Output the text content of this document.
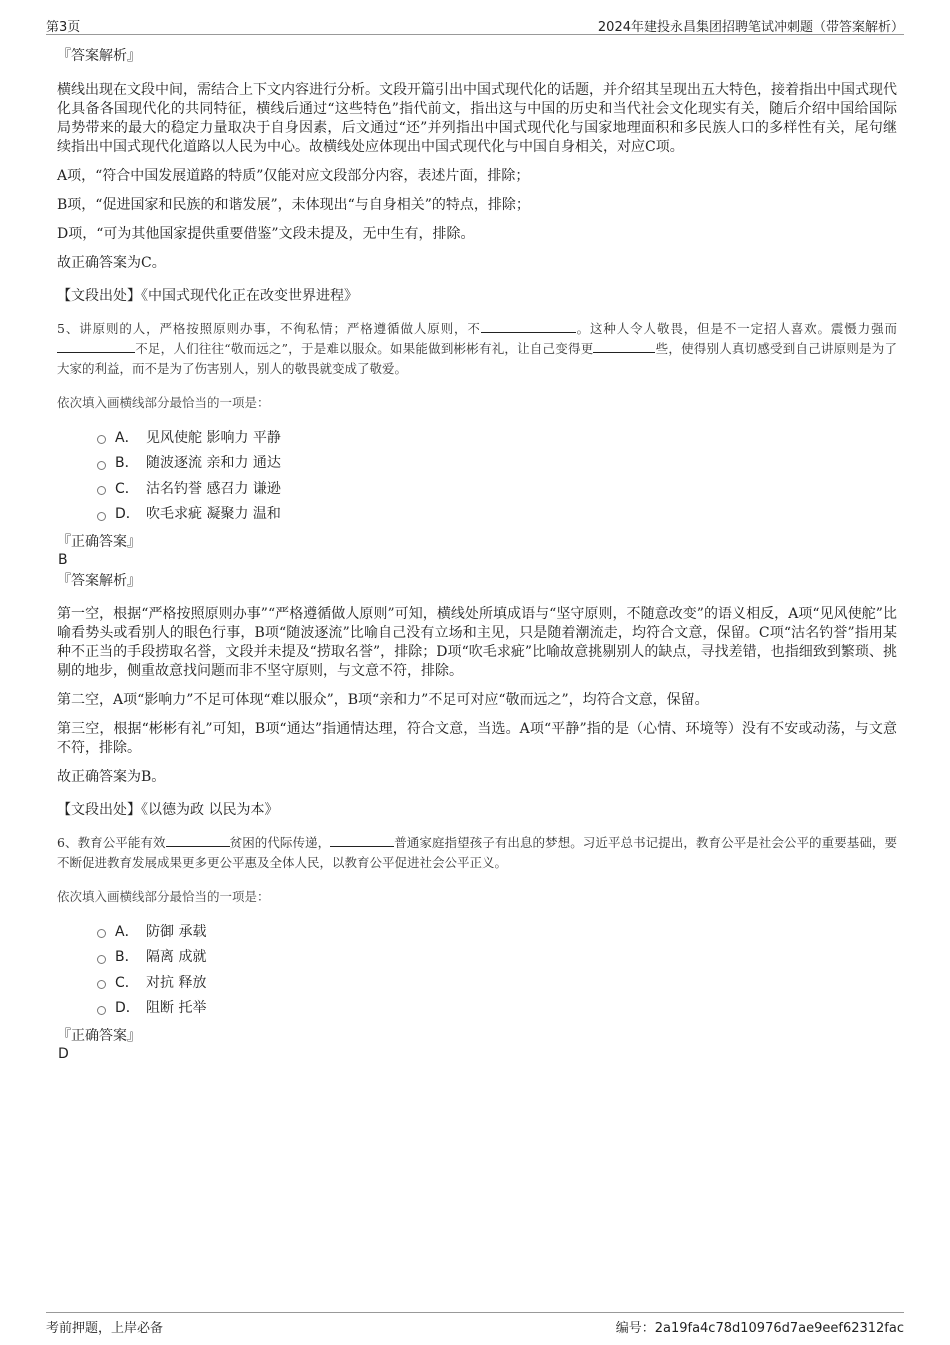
第3页	2024年建投永昌集团招聘笔试冲刺题（带答案解析）
『答案解析』
横线出现在文段中间，需结合上下文内容进行分析。文段开篇引出中国式现代化的话题，并介绍其呈现出五大特色，接着指出中国式现代化具备各国现代化的共同特征，横线后通过“这些特色”指代前文，指出这与中国的历史和当代社会文化现实有关，随后介绍中国给国际局势带来的最大的稳定力量取决于自身因素，后文通过“还”并列指出中国式现代化与国家地理面积和多民族人口的多样性有关，尾句继续指出中国式现代化道路以人民为中心。故横线处应体现出中国式现代化与中国自身相关，对应C项。
A项，“符合中国发展道路的特质”仅能对应文段部分内容，表述片面，排除；
B项，“促进国家和民族的和谐发展”，未体现出“与自身相关”的特点，排除；
D项，“可为其他国家提供重要借鉴”文段未提及，无中生有，排除。
故正确答案为C。
【文段出处】《中国式现代化正在改变世界进程》
5、讲原则的人，严格按照原则办事，不徇私情；严格遵循做人原则，不	。这种人令人敬畏，但是不一定招人喜欢。震慑力强而不足，人们往往“敬而远之”，于是难以服众。如果能做到彬彬有礼，让自己变得更	些，使得别人真切感受到自己讲原则是为了大家的利益，而不是为了伤害别人，别人的敬畏就变成了敬爱。
依次填入画横线部分最恰当的一项是：
A． 见风使舵 影响力 平静
B． 随波逐流 亲和力 通达
C． 沽名钓誉 感召力 谦逊
D． 吹毛求疵 凝聚力 温和
『正确答案』
B
『答案解析』
第一空，根据“严格按照原则办事”“严格遵循做人原则”可知，横线处所填成语与“坚守原则，不随意改变”的语义相反，A项“见风使舵”比喻看势头或看别人的眼色行事，B项“随波逐流”比喻自己没有立场和主见，只是随着潮流走，均符合文意，保留。C项“沽名钓誉”指用某种不正当的手段捞取名誉，文段并未提及“捞取名誉”，排除；D项“吹毛求疵”比喻故意挑剔别人的缺点，寻找差错，也指细致到繁琐、挑剔的地步，侧重故意找问题而非不坚守原则，与文意不符，排除。
第二空，A项“影响力”不足可体现“难以服众”，B项“亲和力”不足可对应“敬而远之”，均符合文意，保留。
第三空，根据“彬彬有礼”可知，B项“通达”指通情达理，符合文意，当选。A项“平静”指的是（心情、环境等）没有不安或动荡，与文意不符，排除。
故正确答案为B。
【文段出处】《以德为政 以民为本》
6、教育公平能有效	贫困的代际传递，	普通家庭指望孩子有出息的梦想。习近平总书记提出，教育公平是社会公平的重要基础，要不断促进教育发展成果更多更公平惠及全体人民，以教育公平促进社会公平正义。
依次填入画横线部分最恰当的一项是：
A． 防御 承载
B． 隔离 成就
C． 对抗 释放
D． 阻断 托举
『正确答案』
D
考前押题，上岸必备	编号：2a19fa4c78d10976d7ae9eef62312fac
